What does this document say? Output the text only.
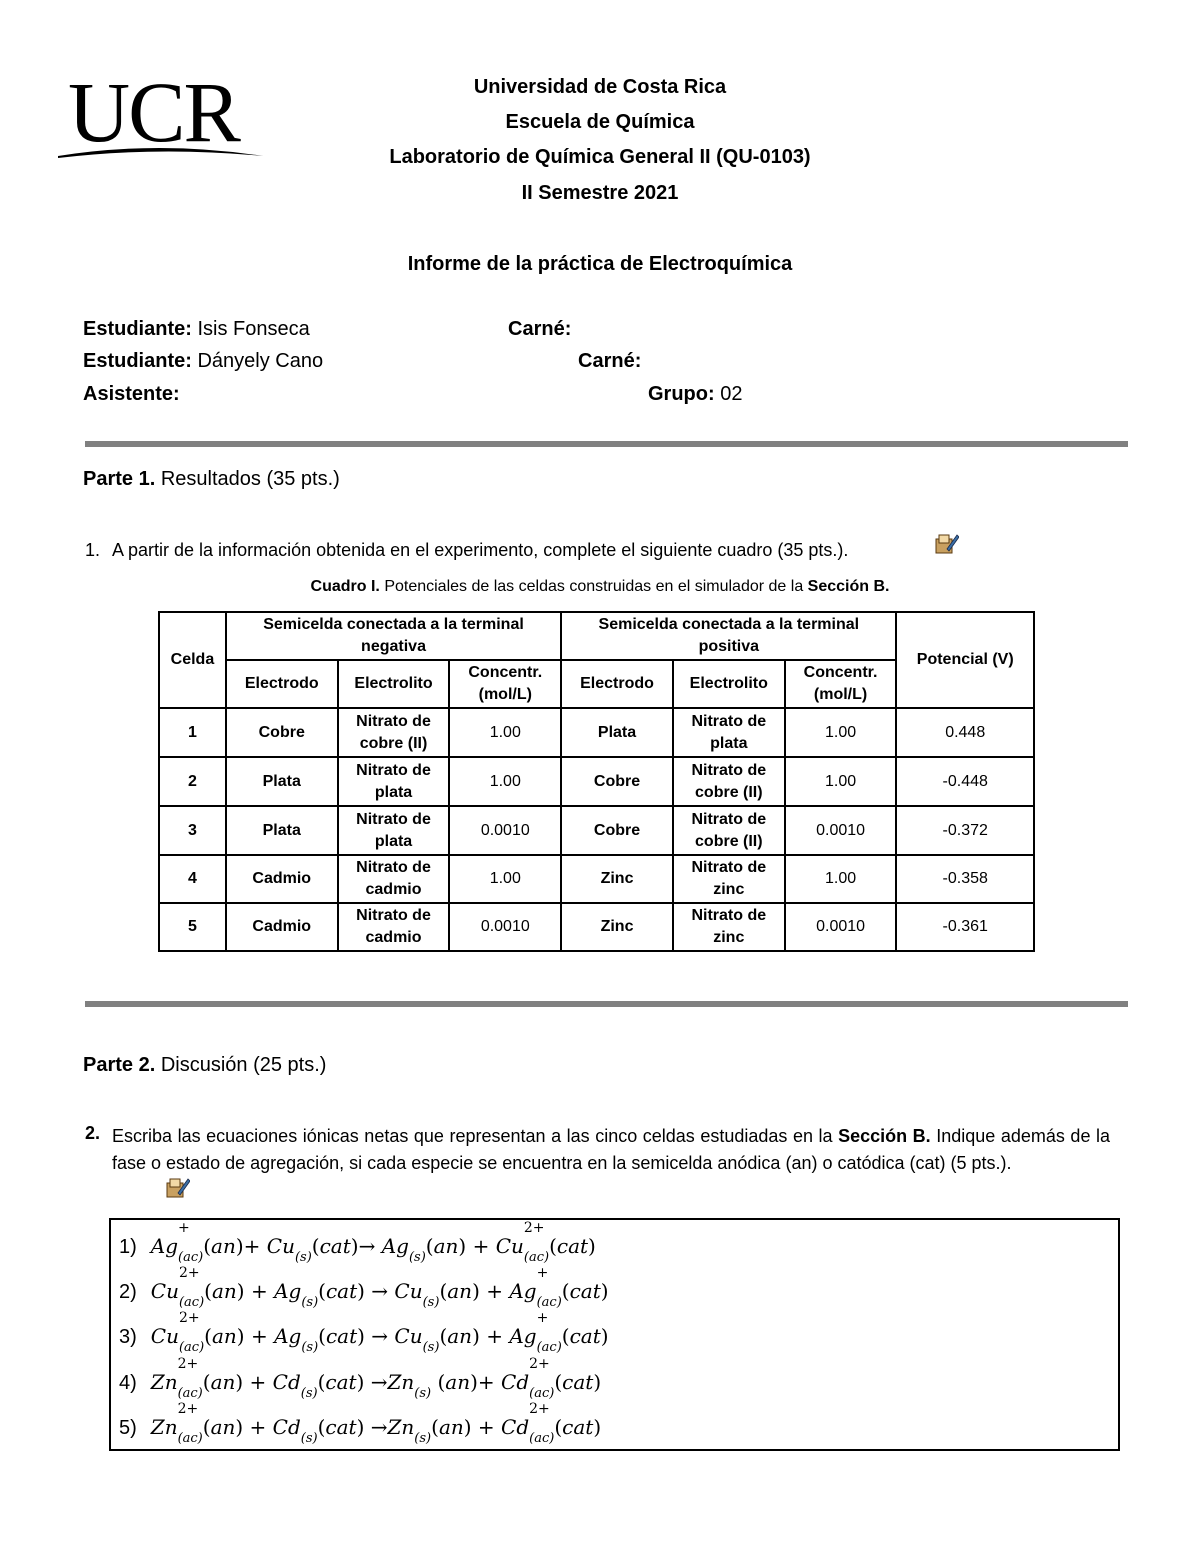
UCR	Universidad de Costa Rica
Escuela de Química
Laboratorio de Química General II (QU-0103)
II Semestre 2021
Informe de la práctica de Electroquímica
Estudiante: Isis Fonseca	Carné:
Estudiante: Dányely Cano	Carné:
Asistente:	Grupo: 02
Parte 1. Resultados (35 pts.)
1. A partir de la información obtenida en el experimento, complete el siguiente cuadro (35 pts.).
Cuadro I. Potenciales de las celdas construidas en el simulador de la Sección B.
Celda	Semicelda conectada a la terminal negativa			Semicelda conectada a la terminal positiva			Potencial (V)
	Electrodo	Electrolito	Concentr. (mol/L)	Electrodo	Electrolito	Concentr. (mol/L)	
1	Cobre	Nitrato de cobre (II)	1.00	Plata	Nitrato de plata	1.00	0.448
2	Plata	Nitrato de plata	1.00	Cobre	Nitrato de cobre (II)	1.00	-0.448
3	Plata	Nitrato de plata	0.0010	Cobre	Nitrato de cobre (II)	0.0010	-0.372
4	Cadmio	Nitrato de cadmio	1.00	Zinc	Nitrato de zinc	1.00	-0.358
5	Cadmio	Nitrato de cadmio	0.0010	Zinc	Nitrato de zinc	0.0010	-0.361
Parte 2. Discusión (25 pts.)
2. Escriba las ecuaciones iónicas netas que representan a las cinco celdas estudiadas en la Sección B. Indique además de la fase o estado de agregación, si cada especie se encuentra en la semicelda anódica (an) o catódica (cat) (5 pts.).
1) Ag
+
$_{(ac)}(an)+ Cu_{(s)}(cat)\to Ag_{(s)}(an) + Cu$
2+
$_{(ac)}$(cat)
2) Cu
2+
$_{(ac)}(an) + Ag_{(s)}(cat) \to Cu_{(s)}(an) + Ag$
+
$_{(ac)}$(cat)
3) Cu
2+
$_{(ac)}(an) + Ag_{(s)}(cat) \to Cu_{(s)}(an) + Ag$
+
$_{(ac)}$(cat)
4) Zn
2+
$_{(ac)}(an) + Cd_{(s)}(cat) \to Zn_{(s)}$ (an)+ Cd
2+
$_{(ac)}$(cat)
5) Zn
2+
$_{(ac)}(an) + Cd_{(s)}(cat) \to Zn_{(s)}(an) + Cd$
2+
$_{(ac)}$(cat)
